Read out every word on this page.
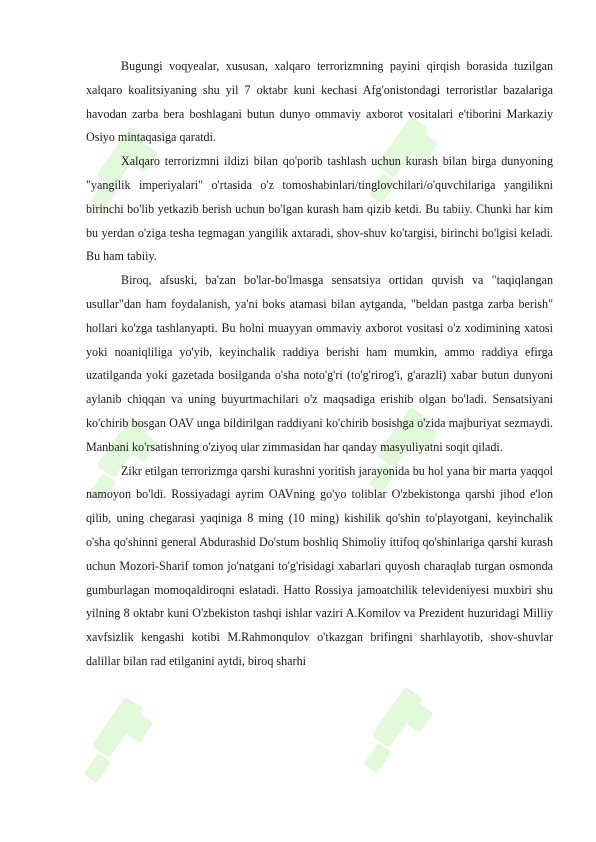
Bugungi voqyealar, xususan, xalqaro terrorizmning payini qirqish borasida tuzilgan xalqaro koalitsiyaning shu yil 7 oktabr kuni kechasi Afg'onistondagi terroristlar bazalariga havodan zarba bera boshlagani butun dunyo ommaviy axborot vositalari e'tiborini Markaziy Osiyo mintaqasiga qaratdi.

Xalqaro terrorizmni ildizi bilan qo'porib tashlash uchun kurash bilan birga dunyoning "yangilik imperiyalari" o'rtasida o'z tomoshabinlari/tinglovchilari/o'quvchilariga yangilikni birinchi bo'lib yetkazib berish uchun bo'lgan kurash ham qizib ketdi. Bu tabiiy. Chunki har kim bu yerdan o'ziga tesha tegmagan yangilik axtaradi, shov-shuv ko'targisi, birinchi bo'lgisi keladi. Bu ham tabiiy.

Biroq, afsuski, ba'zan bo'lar-bo'lmasga sensatsiya ortidan quvish va "taqiqlangan usullar"dan ham foydalanish, ya'ni boks atamasi bilan aytganda, "beldan pastga zarba berish" hollari ko'zga tashlanyapti. Bu holni muayyan ommaviy axborot vositasi o'z xodimining xatosi yoki noaniqliliga yo'yib, keyinchalik raddiya berishi ham mumkin, ammo raddiya efirga uzatilganda yoki gazetada bosilganda o'sha noto'g'ri (to'g'rirog'i, g'arazli) xabar butun dunyoni aylanib chiqqan va uning buyurtmachilari o'z maqsadiga erishib olgan bo'ladi. Sensatsiyani ko'chirib bosgan OAV unga bildirilgan raddiyani ko'chirib bosishga o'zida majburiyat sezmaydi. Manbani ko'rsatishning o'ziyoq ular zimmasidan har qanday masyuliyatni soqit qiladi.

Zikr etilgan terrorizmga qarshi kurashni yoritish jarayonida bu hol yana bir marta yaqqol namoyon bo'ldi. Rossiyadagi ayrim OAVning go'yo toliblar O'zbekistonga qarshi jihod e'lon qilib, uning chegarasi yaqiniga 8 ming (10 ming) kishilik qo'shin to'playotgani, keyinchalik o'sha qo'shinni general Abdurashid Do'stum boshliq Shimoliy ittifoq qo'shinlariga qarshi kurash uchun Mozori-Sharif tomon jo'natgani to'g'risidagi xabarlari quyosh charaqlab turgan osmonda gumburlagan momoqaldiroqni eslatadi. Hatto Rossiya jamoatchilik televideniyesi muxbiri shu yilning 8 oktabr kuni O'zbekiston tashqi ishlar vaziri A.Komilov va Prezident huzuridagi Milliy xavfsizlik kengashi kotibi M.Rahmonqulov o'tkazgan brifingni sharhlayotib, shov-shuvlar dalillar bilan rad etilganini aytdi, biroq sharhi
